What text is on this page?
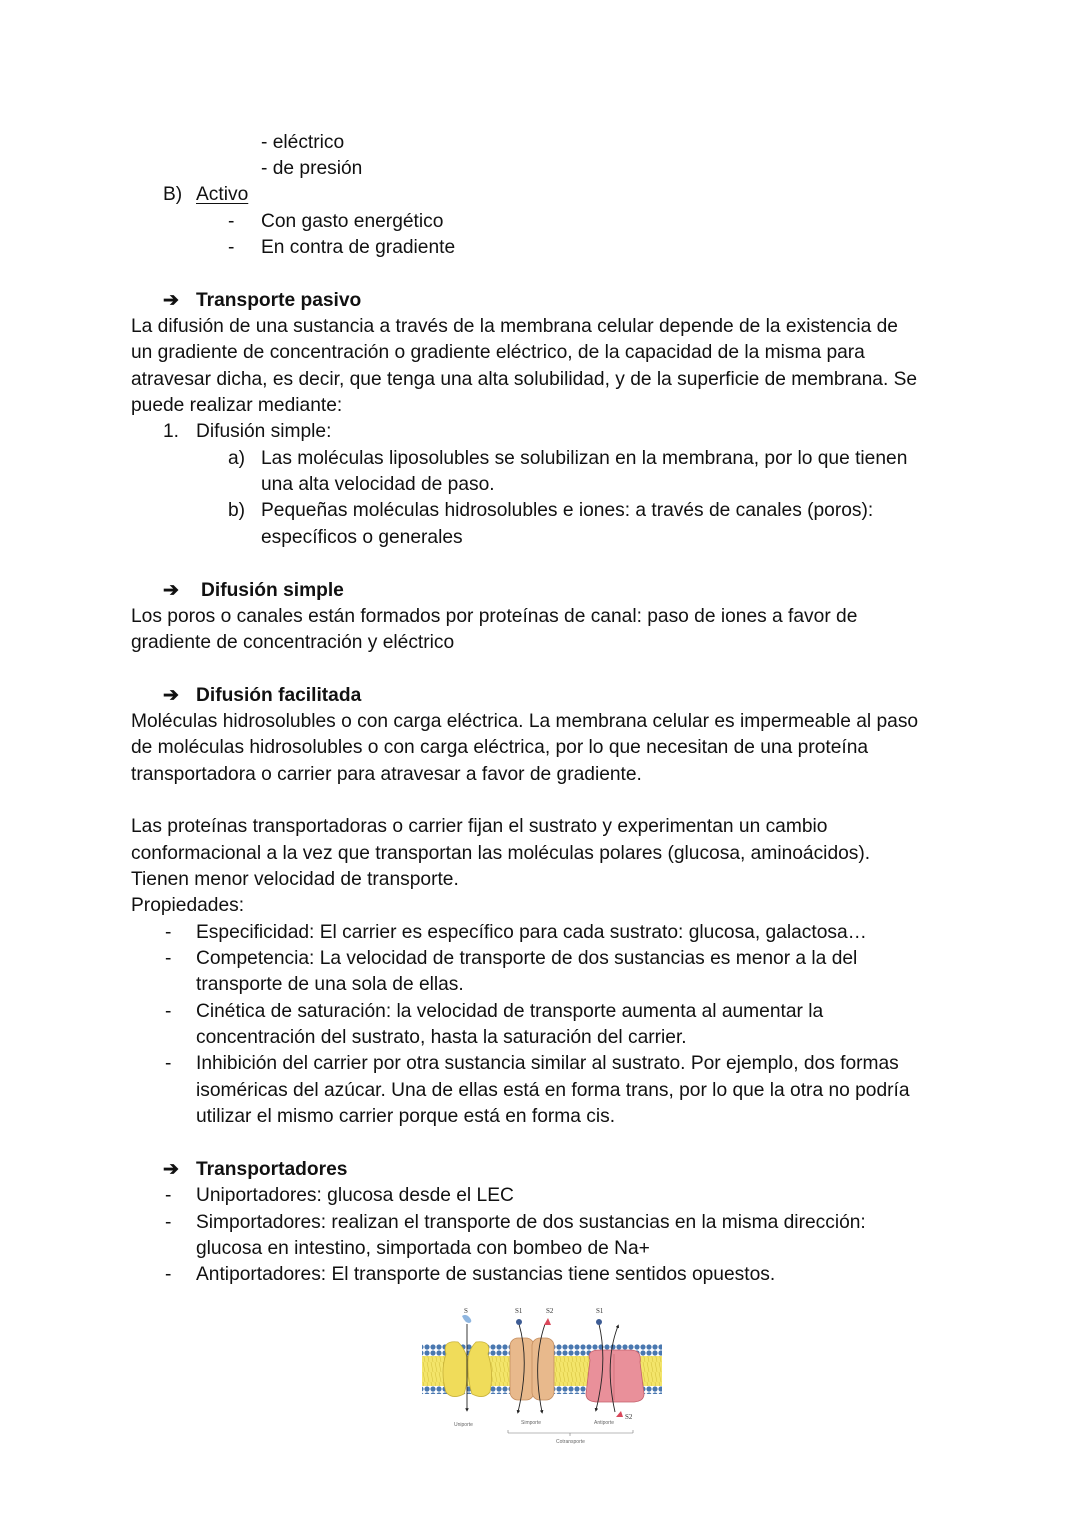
- eléctrico
- de presión
B) Activo
- Con gasto energético
- En contra de gradiente
➔ Transporte pasivo
La difusión de una sustancia a través de la membrana celular depende de la existencia de
un gradiente de concentración o gradiente eléctrico, de la capacidad de la misma para
atravesar dicha, es decir, que tenga una alta solubilidad, y de la superficie de membrana. Se
puede realizar mediante:
1. Difusión simple:
a) Las moléculas liposolubles se solubilizan en la membrana, por lo que tienen
una alta velocidad de paso.
b) Pequeñas moléculas hidrosolubles e iones: a través de canales (poros):
específicos o generales
➔ Difusión simple
Los poros o canales están formados por proteínas de canal: paso de iones a favor de
gradiente de concentración y eléctrico
➔ Difusión facilitada
Moléculas hidrosolubles o con carga eléctrica. La membrana celular es impermeable al paso
de moléculas hidrosolubles o con carga eléctrica, por lo que necesitan de una proteína
transportadora o carrier para atravesar a favor de gradiente.
Las proteínas transportadoras o carrier fijan el sustrato y experimentan un cambio
conformacional a la vez que transportan las moléculas polares (glucosa, aminoácidos).
Tienen menor velocidad de transporte.
Propiedades:
- Especificidad: El carrier es específico para cada sustrato: glucosa, galactosa…
- Competencia: La velocidad de transporte de dos sustancias es menor a la del
transporte de una sola de ellas.
- Cinética de saturación: la velocidad de transporte aumenta al aumentar la
concentración del sustrato, hasta la saturación del carrier.
- Inhibición del carrier por otra sustancia similar al sustrato. Por ejemplo, dos formas
isoméricas del azúcar. Una de ellas está en forma trans, por lo que la otra no podría
utilizar el mismo carrier porque está en forma cis.
➔ Transportadores
- Uniportadores: glucosa desde el LEC
- Simportadores: realizan el transporte de dos sustancias en la misma dirección:
glucosa en intestino, simportada con bombeo de Na+
- Antiportadores: El transporte de sustancias tiene sentidos opuestos.
S	S1	S2	S1
S2
Uniporte	Simporte	Antiporte
Cotransporte
